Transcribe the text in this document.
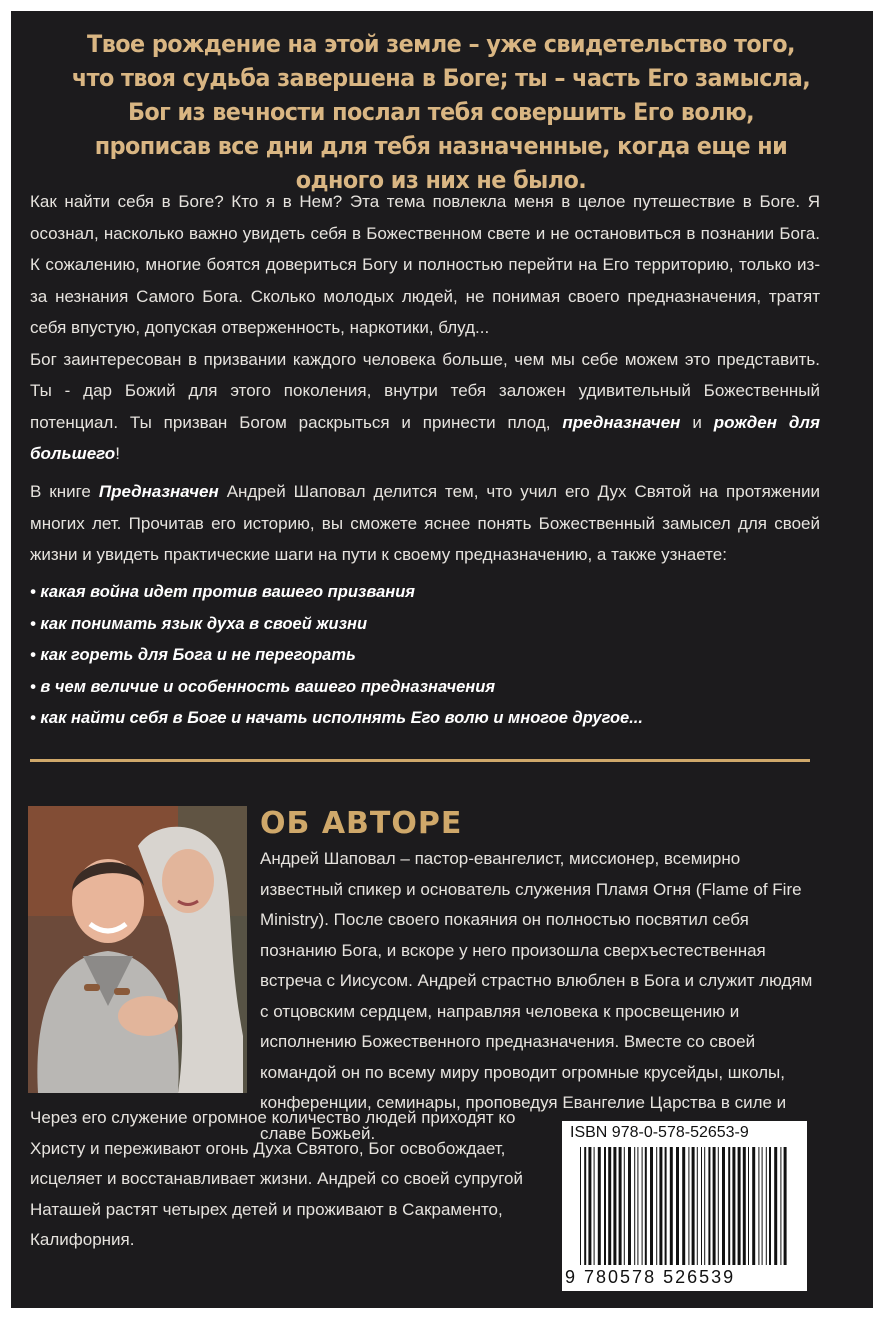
Твое рождение на этой земле – уже свидетельство того, что твоя судьба завершена в Боге; ты – часть Его замысла, Бог из вечности послал тебя совершить Его волю, прописав все дни для тебя назначенные, когда еще ни одного из них не было.
Как найти себя в Боге? Кто я в Нем? Эта тема повлекла меня в целое путешествие в Боге. Я осознал, насколько важно увидеть себя в Божественном свете и не остановиться в познании Бога. К сожалению, многие боятся довериться Богу и полностью перейти на Его территорию, только из-за незнания Самого Бога. Сколько молодых людей, не понимая своего предназначения, тратят себя впустую, допуская отверженность, наркотики, блуд...
Бог заинтересован в призвании каждого человека больше, чем мы себе можем это представить. Ты - дар Божий для этого поколения, внутри тебя заложен удивительный Божественный потенциал. Ты призван Богом раскрыться и принести плод, предназначен и рожден для большего!
В книге Предназначен Андрей Шаповал делится тем, что учил его Дух Святой на протяжении многих лет. Прочитав его историю, вы сможете яснее понять Божественный замысел для своей жизни и увидеть практические шаги на пути к своему предназначению, а также узнаете:
• какая война идет против вашего призвания
• как понимать язык духа в своей жизни
• как гореть для Бога и не перегорать
• в чем величие и особенность вашего предназначения
• как найти себя в Боге и начать исполнять Его волю и многое другое...
ОБ АВТОРЕ
Андрей Шаповал – пастор-евангелист, миссионер, всемирно известный спикер и основатель служения Пламя Огня (Flame of Fire Ministry). После своего покаяния он полностью посвятил себя познанию Бога, и вскоре у него произошла сверхъестественная встреча с Иисусом. Андрей страстно влюблен в Бога и служит людям с отцовским сердцем, направляя человека к просвещению и исполнению Божественного предназначения. Вместе со своей командой он по всему миру проводит огромные крусейды, школы, конференции, семинары, проповедуя Евангелие Царства в силе и славе Божьей.
Через его служение огромное количество людей приходят ко Христу и переживают огонь Духа Святого, Бог освобождает, исцеляет и восстанавливает жизни. Андрей со своей супругой Наташей растят четырех детей и проживают в Сакраменто, Калифорния.
ISBN 978-0-578-52653-9
9 780578 526539
